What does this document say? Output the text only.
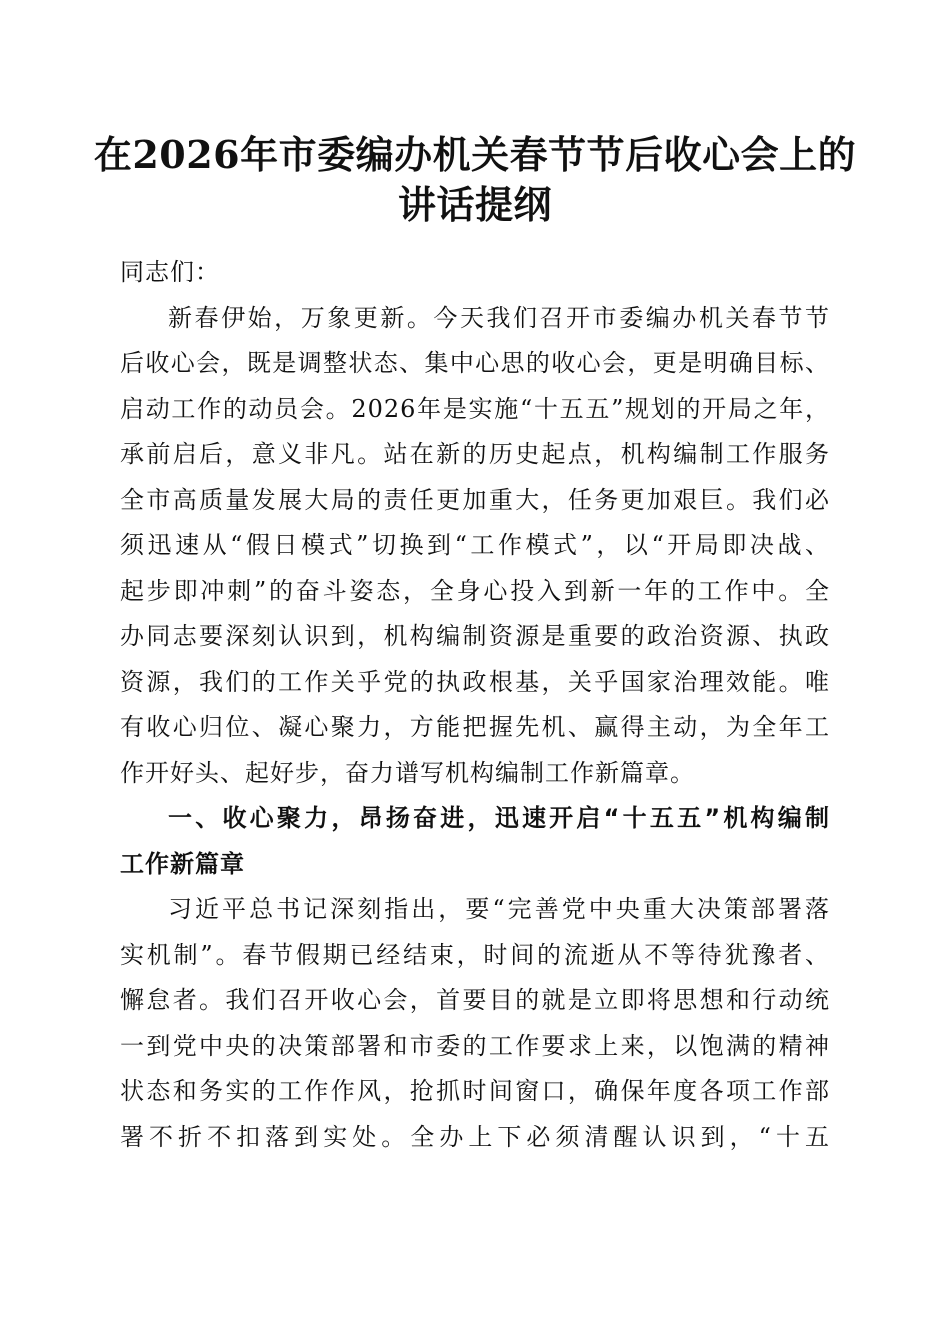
在2026年市委编办机关春节节后收心会上的
讲话提纲
同志们：
新春伊始，万象更新。今天我们召开市委编办机关春节节
后收心会，既是调整状态、集中心思的收心会，更是明确目标、
启动工作的动员会。2026年是实施“十五五”规划的开局之年，
承前启后，意义非凡。站在新的历史起点，机构编制工作服务
全市高质量发展大局的责任更加重大，任务更加艰巨。我们必
须迅速从“假日模式”切换到“工作模式”，以“开局即决战、
起步即冲刺”的奋斗姿态，全身心投入到新一年的工作中。全
办同志要深刻认识到，机构编制资源是重要的政治资源、执政
资源，我们的工作关乎党的执政根基，关乎国家治理效能。唯
有收心归位、凝心聚力，方能把握先机、赢得主动，为全年工
作开好头、起好步，奋力谱写机构编制工作新篇章。
一、收心聚力，昂扬奋进，迅速开启“十五五”机构编制
工作新篇章
习近平总书记深刻指出，要“完善党中央重大决策部署落
实机制”。春节假期已经结束，时间的流逝从不等待犹豫者、
懈怠者。我们召开收心会，首要目的就是立即将思想和行动统
一到党中央的决策部署和市委的工作要求上来，以饱满的精神
状态和务实的工作作风，抢抓时间窗口，确保年度各项工作部
署不折不扣落到实处。全办上下必须清醒认识到，“十五
